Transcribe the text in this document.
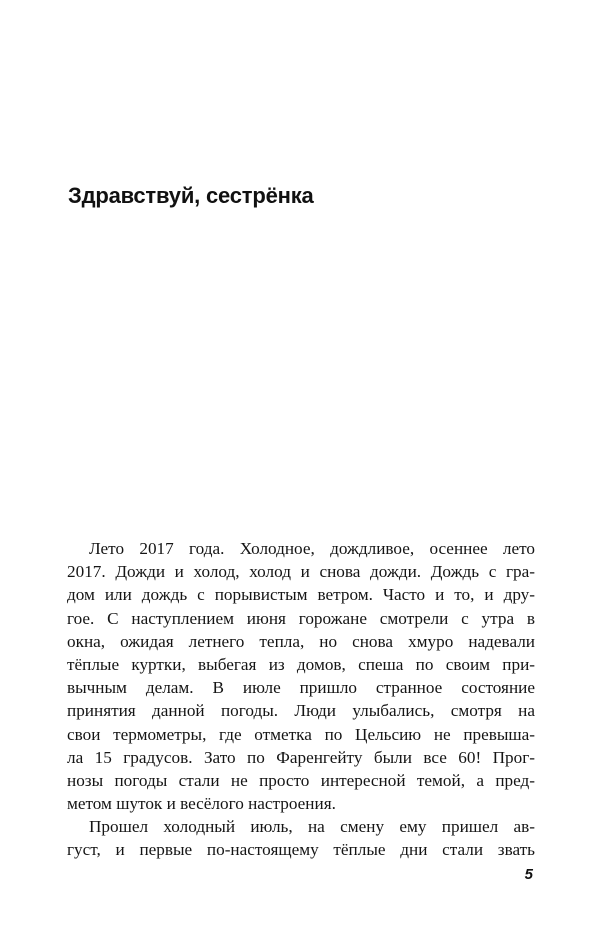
Здравствуй, сестрёнка
Лето 2017 года. Холодное, дождливое, осеннее лето
2017. Дожди и холод, холод и снова дожди. Дождь с гра-
дом или дождь с порывистым ветром. Часто и то, и дру-
гое. С наступлением июня горожане смотрели с утра в
окна, ожидая летнего тепла, но снова хмуро надевали
тёплые куртки, выбегая из домов, спеша по своим при-
вычным делам. В июле пришло странное состояние
принятия данной погоды. Люди улыбались, смотря на
свои термометры, где отметка по Цельсию не превыша-
ла 15 градусов. Зато по Фаренгейту были все 60! Прог-
нозы погоды стали не просто интересной темой, а пред-
метом шуток и весёлого настроения.
Прошел холодный июль, на смену ему пришел ав-
густ, и первые по-настоящему тёплые дни стали звать
5
